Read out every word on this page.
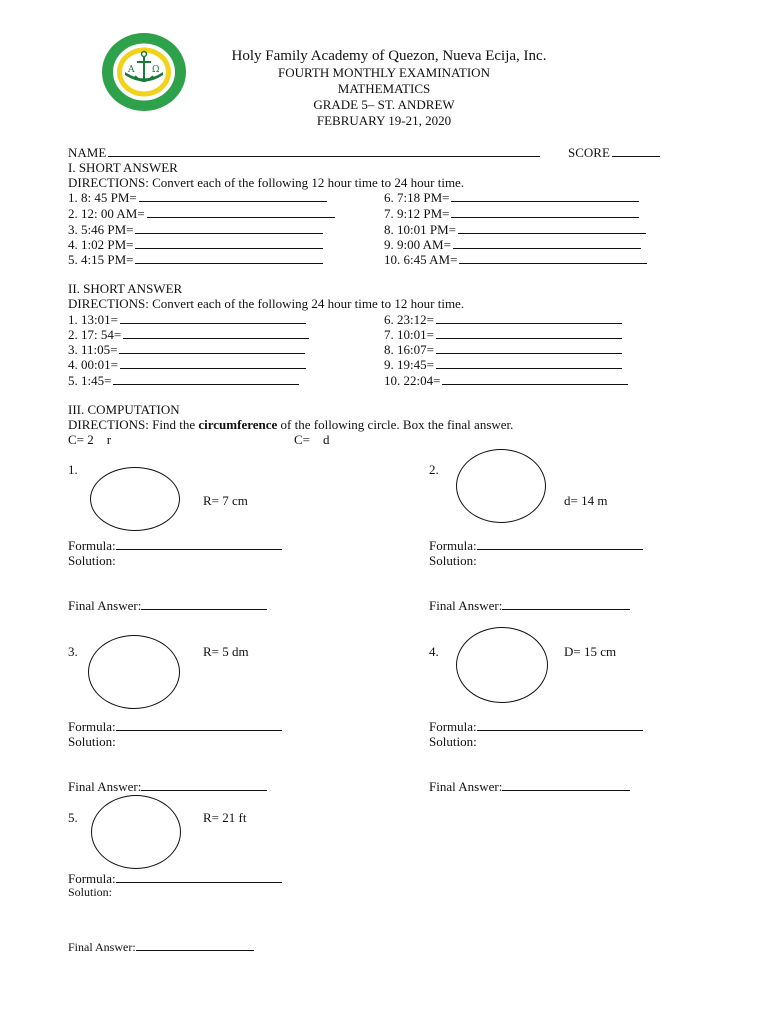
A Ω
Holy Family Academy of Quezon, Nueva Ecija, Inc.
FOURTH MONTHLY EXAMINATION
MATHEMATICS
GRADE 5– ST. ANDREW
FEBRUARY 19-21, 2020
NAME	SCORE
I. SHORT ANSWER
DIRECTIONS: Convert each of the following 12 hour time to 24 hour time.
1. 8: 45 PM=
2. 12: 00 AM=
3. 5:46 PM=
4. 1:02 PM=
5. 4:15 PM=
6. 7:18 PM=
7. 9:12 PM=
8. 10:01 PM=
9. 9:00 AM=
10. 6:45 AM=
II. SHORT ANSWER
DIRECTIONS: Convert each of the following 24 hour time to 12 hour time.
1. 13:01=
2. 17: 54=
3. 11:05=
4. 00:01=
5. 1:45=
6. 23:12=
7. 10:01=
8. 16:07=
9. 19:45=
10. 22:04=
III. COMPUTATION
DIRECTIONS: Find the circumference of the following circle. Box the final answer.
C= 2    r	C=    d
1.
R= 7 cm
Formula:
Solution:
Final Answer:
2.
d= 14 m
Formula:
Solution:
Final Answer:
3.	R= 5 dm
Formula:
Solution:
Final Answer:
4.	D= 15 cm
Formula:
Solution:
Final Answer:
5.	R= 21 ft
Formula:
Solution:
Final Answer:
